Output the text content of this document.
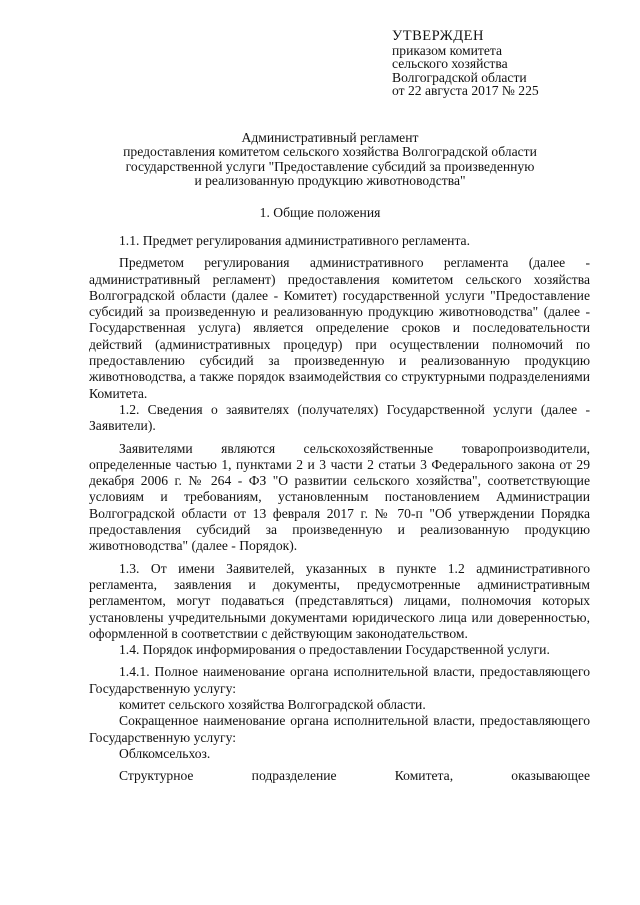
УТВЕРЖДЕН
приказом комитета
сельского хозяйства
Волгоградской области
от 22 августа 2017 № 225
Административный регламент
предоставления комитетом сельского хозяйства Волгоградской области
государственной услуги "Предоставление субсидий за произведенную
и реализованную продукцию животноводства"
1. Общие положения

1.1. Предмет регулирования административного регламента.

Предметом регулирования административного регламента (далее - административный регламент) предоставления комитетом сельского хозяйства Волгоградской области (далее - Комитет) государственной услуги "Предоставление субсидий за произведенную и реализованную продукцию животноводства" (далее - Государственная услуга) является определение сроков и последовательности действий (административных процедур) при осуществлении полномочий по предоставлению субсидий за произведенную и реализованную продукцию животноводства, а также порядок взаимодействия со структурными подразделениями Комитета.

1.2. Сведения о заявителях (получателях) Государственной услуги (далее - Заявители).

Заявителями являются сельскохозяйственные товаропроизводители, определенные частью 1, пунктами 2 и 3 части 2 статьи 3 Федерального закона от 29 декабря 2006 г. № 264 - ФЗ "О развитии сельского хозяйства", соответствующие условиям и требованиям, установленным постановлением Администрации Волгоградской области от 13 февраля 2017 г. № 70-п "Об утверждении Порядка предоставления субсидий за произведенную и реализованную продукцию животноводства" (далее - Порядок).

1.3. От имени Заявителей, указанных в пункте 1.2 административного регламента, заявления и документы, предусмотренные административным регламентом, могут подаваться (представляться) лицами, полномочия которых установлены учредительными документами юридического лица или доверенностью, оформленной в соответствии с действующим законодательством.

1.4. Порядок информирования о предоставлении Государственной услуги.

1.4.1. Полное наименование органа исполнительной власти, предоставляющего Государственную услугу:

комитет сельского хозяйства Волгоградской области.

Сокращенное наименование органа исполнительной власти, предоставляющего Государственную услугу:

Облкомсельхоз.

Структурное подразделение Комитета, оказывающее
